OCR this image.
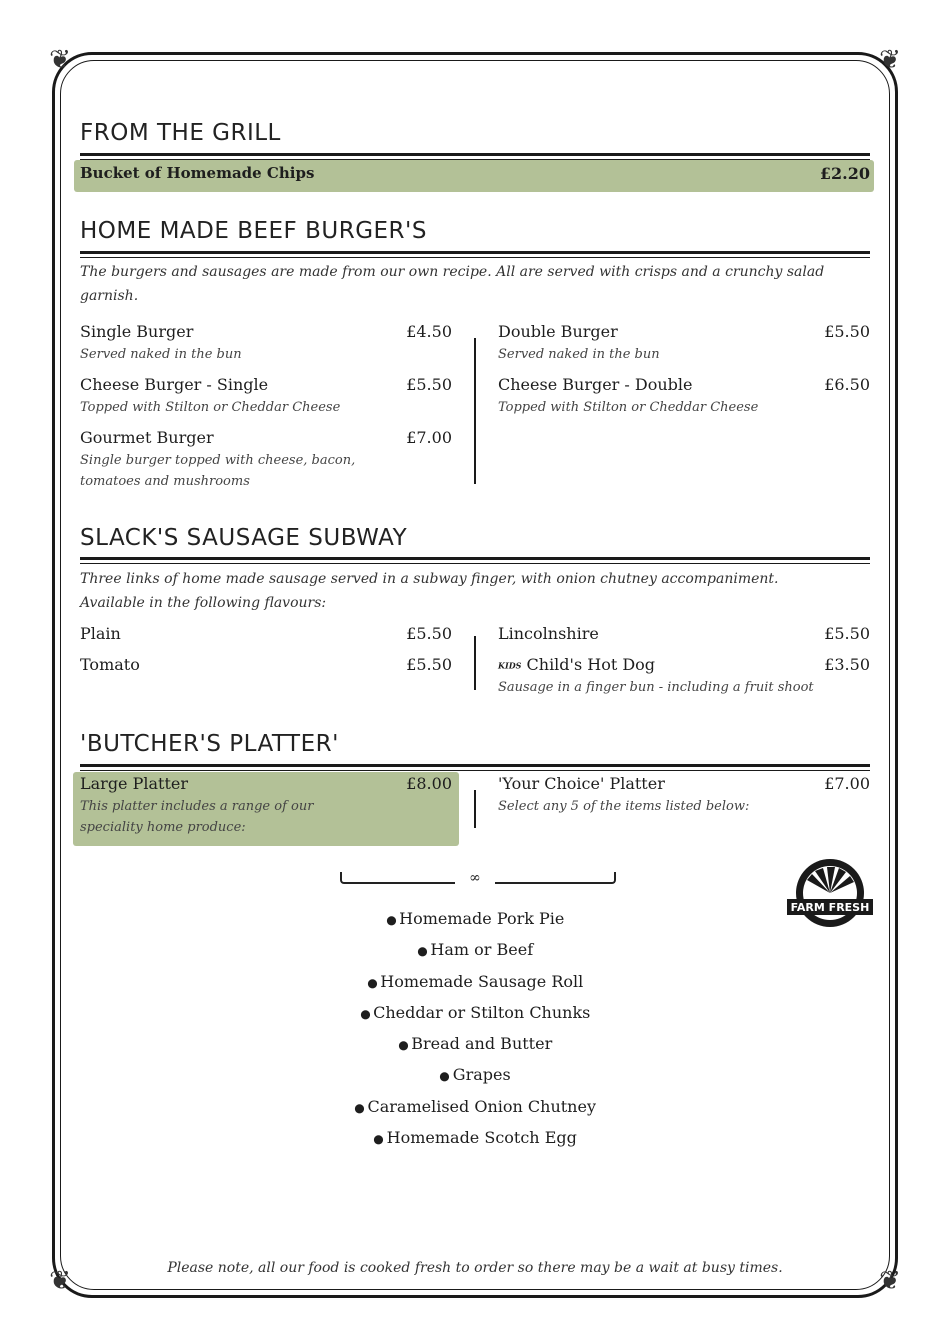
❦	❦
❦	❦
FROM THE GRILL
Bucket of Homemade Chips	£2.20
HOME MADE BEEF BURGER'S
The burgers and sausages are made from our own recipe. All are served with crisps and a crunchy salad garnish.
Single Burger	£4.50
Served naked in the bun
Cheese Burger - Single	£5.50
Topped with Stilton or Cheddar Cheese
Gourmet Burger	£7.00
Single burger topped with cheese, bacon, tomatoes and mushrooms
Double Burger	£5.50
Served naked in the bun
Cheese Burger - Double	£6.50
Topped with Stilton or Cheddar Cheese
SLACK'S SAUSAGE SUBWAY
Three links of home made sausage served in a subway finger, with onion chutney accompaniment. Available in the following flavours:
Plain	£5.50
Tomato	£5.50
Lincolnshire	£5.50
KIDS Child's Hot Dog	£3.50
Sausage in a finger bun - including a fruit shoot
'BUTCHER'S PLATTER'
Large Platter	£8.00
This platter includes a range of our speciality home produce:
'Your Choice' Platter	£7.00
Select any 5 of the items listed below:
∞
FARM FRESH
●Homemade Pork Pie
●Ham or Beef
●Homemade Sausage Roll
●Cheddar or Stilton Chunks
●Bread and Butter
●Grapes
●Caramelised Onion Chutney
●Homemade Scotch Egg
Please note, all our food is cooked fresh to order so there may be a wait at busy times.
